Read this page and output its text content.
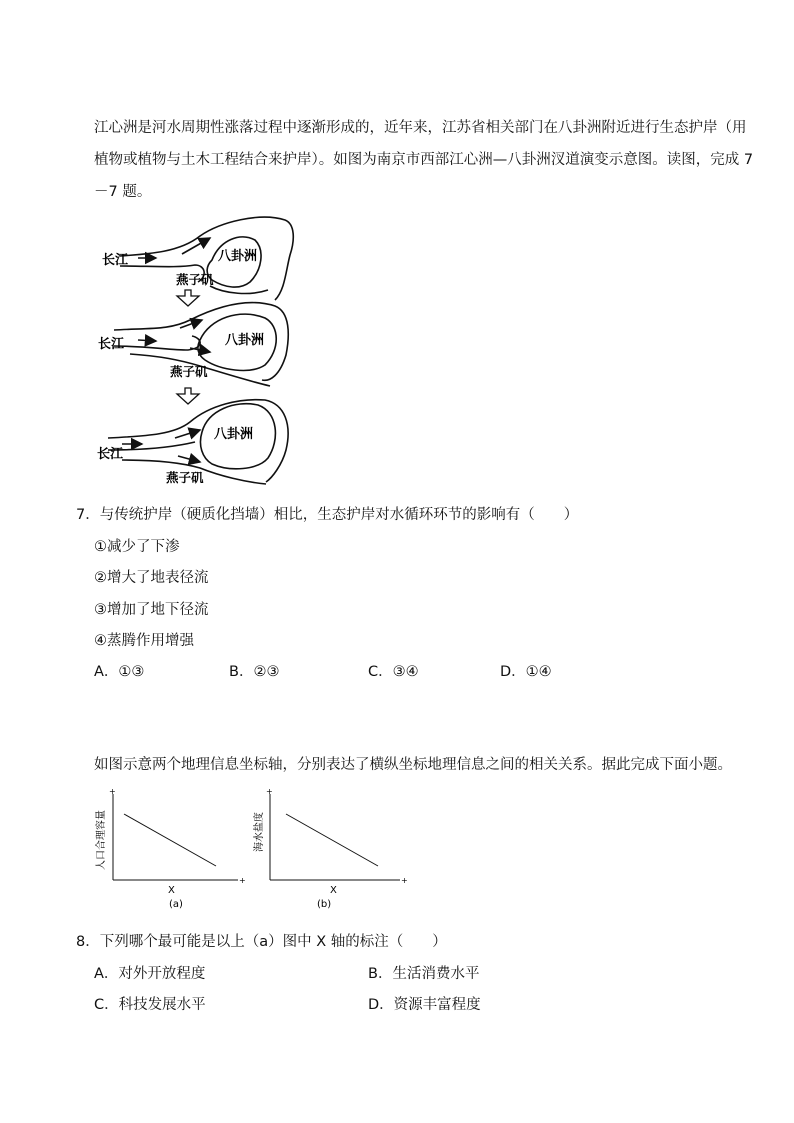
江心洲是河水周期性涨落过程中逐渐形成的，近年来，江苏省相关部门在八卦洲附近进行生态护岸（用
植物或植物与土木工程结合来护岸）。如图为南京市西部江心洲—八卦洲汊道演变示意图。读图，完成 7
－7 题。
长江	八卦洲
燕子矶
长江	八卦洲
燕子矶
长江
八卦洲
燕子矶
7．与传统护岸（硬质化挡墙）相比，生态护岸对水循环环节的影响有（　　）
①减少了下渗
②增大了地表径流
③增加了地下径流
④蒸腾作用增强
A．①③	B．②③	C．③④	D．①④
如图示意两个地理信息坐标轴，分别表达了横纵坐标地理信息之间的相关关系。据此完成下面小题。
+
+
人口合理容量
X
(a)
+
+
海水盐度
X
(b)
8．下列哪个最可能是以上（a）图中 X 轴的标注（　　）
A．对外开放程度	B．生活消费水平
C．科技发展水平	D．资源丰富程度
